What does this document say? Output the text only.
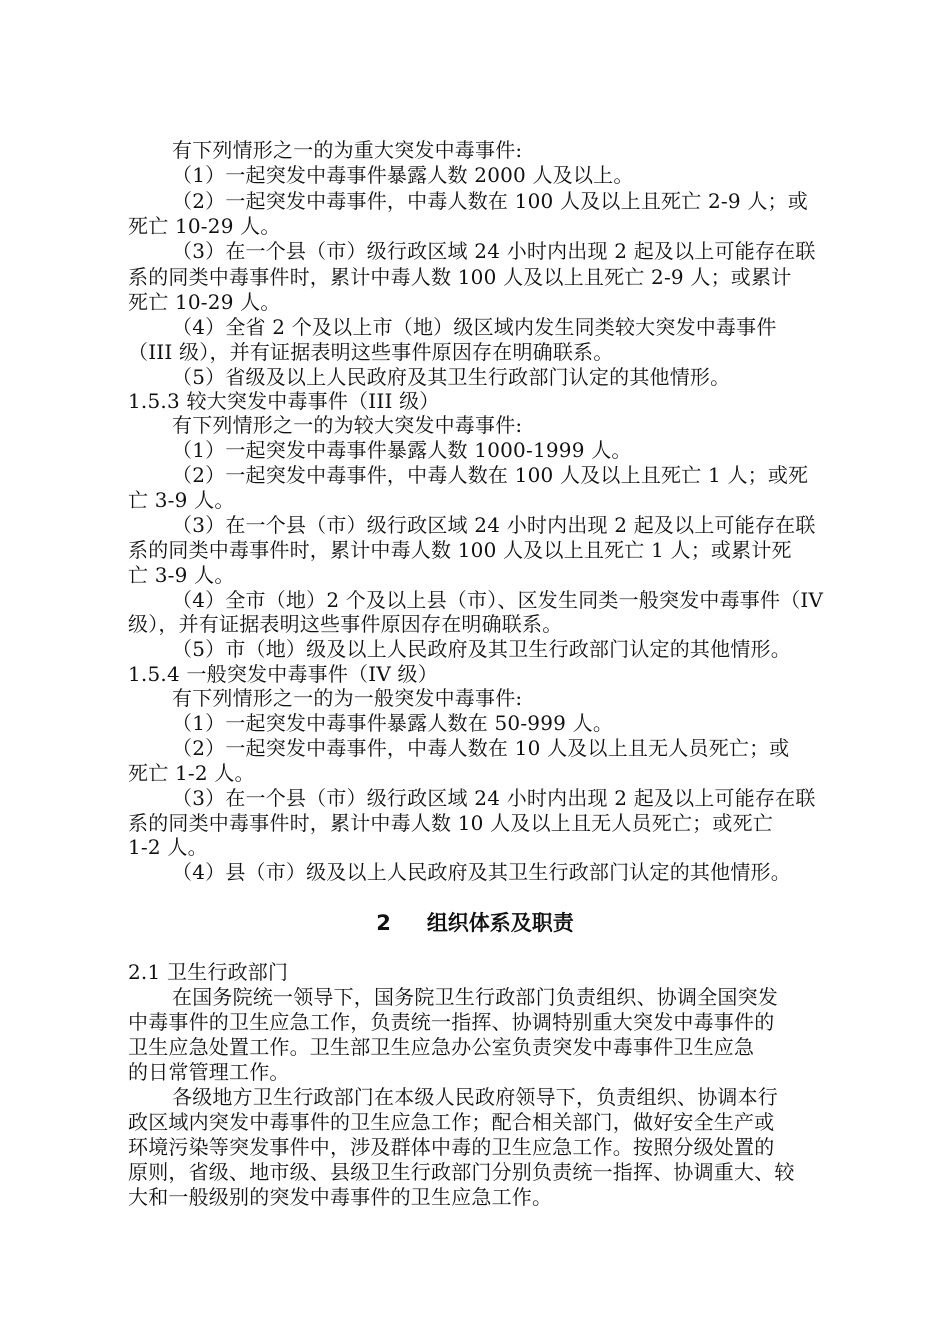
有下列情形之一的为重大突发中毒事件:
（1）一起突发中毒事件暴露人数 2000 人及以上。
（2）一起突发中毒事件，中毒人数在 100 人及以上且死亡 2-9 人；或
死亡 10-29 人。
（3）在一个县（市）级行政区域 24 小时内出现 2 起及以上可能存在联
系的同类中毒事件时，累计中毒人数 100 人及以上且死亡 2-9 人；或累计
死亡 10-29 人。
（4）全省 2 个及以上市（地）级区域内发生同类较大突发中毒事件
（III 级），并有证据表明这些事件原因存在明确联系。
（5）省级及以上人民政府及其卫生行政部门认定的其他情形。
1.5.3 较大突发中毒事件（III 级）
有下列情形之一的为较大突发中毒事件:
（1）一起突发中毒事件暴露人数 1000-1999 人。
（2）一起突发中毒事件，中毒人数在 100 人及以上且死亡 1 人；或死
亡 3-9 人。
（3）在一个县（市）级行政区域 24 小时内出现 2 起及以上可能存在联
系的同类中毒事件时，累计中毒人数 100 人及以上且死亡 1 人；或累计死
亡 3-9 人。
（4）全市（地）2 个及以上县（市）、区发生同类一般突发中毒事件（IV
级），并有证据表明这些事件原因存在明确联系。
（5）市（地）级及以上人民政府及其卫生行政部门认定的其他情形。
1.5.4 一般突发中毒事件（IV 级）
有下列情形之一的为一般突发中毒事件:
（1）一起突发中毒事件暴露人数在 50-999 人。
（2）一起突发中毒事件，中毒人数在 10 人及以上且无人员死亡；或
死亡 1-2 人。
（3）在一个县（市）级行政区域 24 小时内出现 2 起及以上可能存在联
系的同类中毒事件时，累计中毒人数 10 人及以上且无人员死亡；或死亡
1-2 人。
（4）县（市）级及以上人民政府及其卫生行政部门认定的其他情形。
2 组织体系及职责
2.1 卫生行政部门
在国务院统一领导下，国务院卫生行政部门负责组织、协调全国突发
中毒事件的卫生应急工作，负责统一指挥、协调特别重大突发中毒事件的
卫生应急处置工作。卫生部卫生应急办公室负责突发中毒事件卫生应急
的日常管理工作。
各级地方卫生行政部门在本级人民政府领导下，负责组织、协调本行
政区域内突发中毒事件的卫生应急工作；配合相关部门，做好安全生产或
环境污染等突发事件中，涉及群体中毒的卫生应急工作。按照分级处置的
原则，省级、地市级、县级卫生行政部门分别负责统一指挥、协调重大、较
大和一般级别的突发中毒事件的卫生应急工作。
